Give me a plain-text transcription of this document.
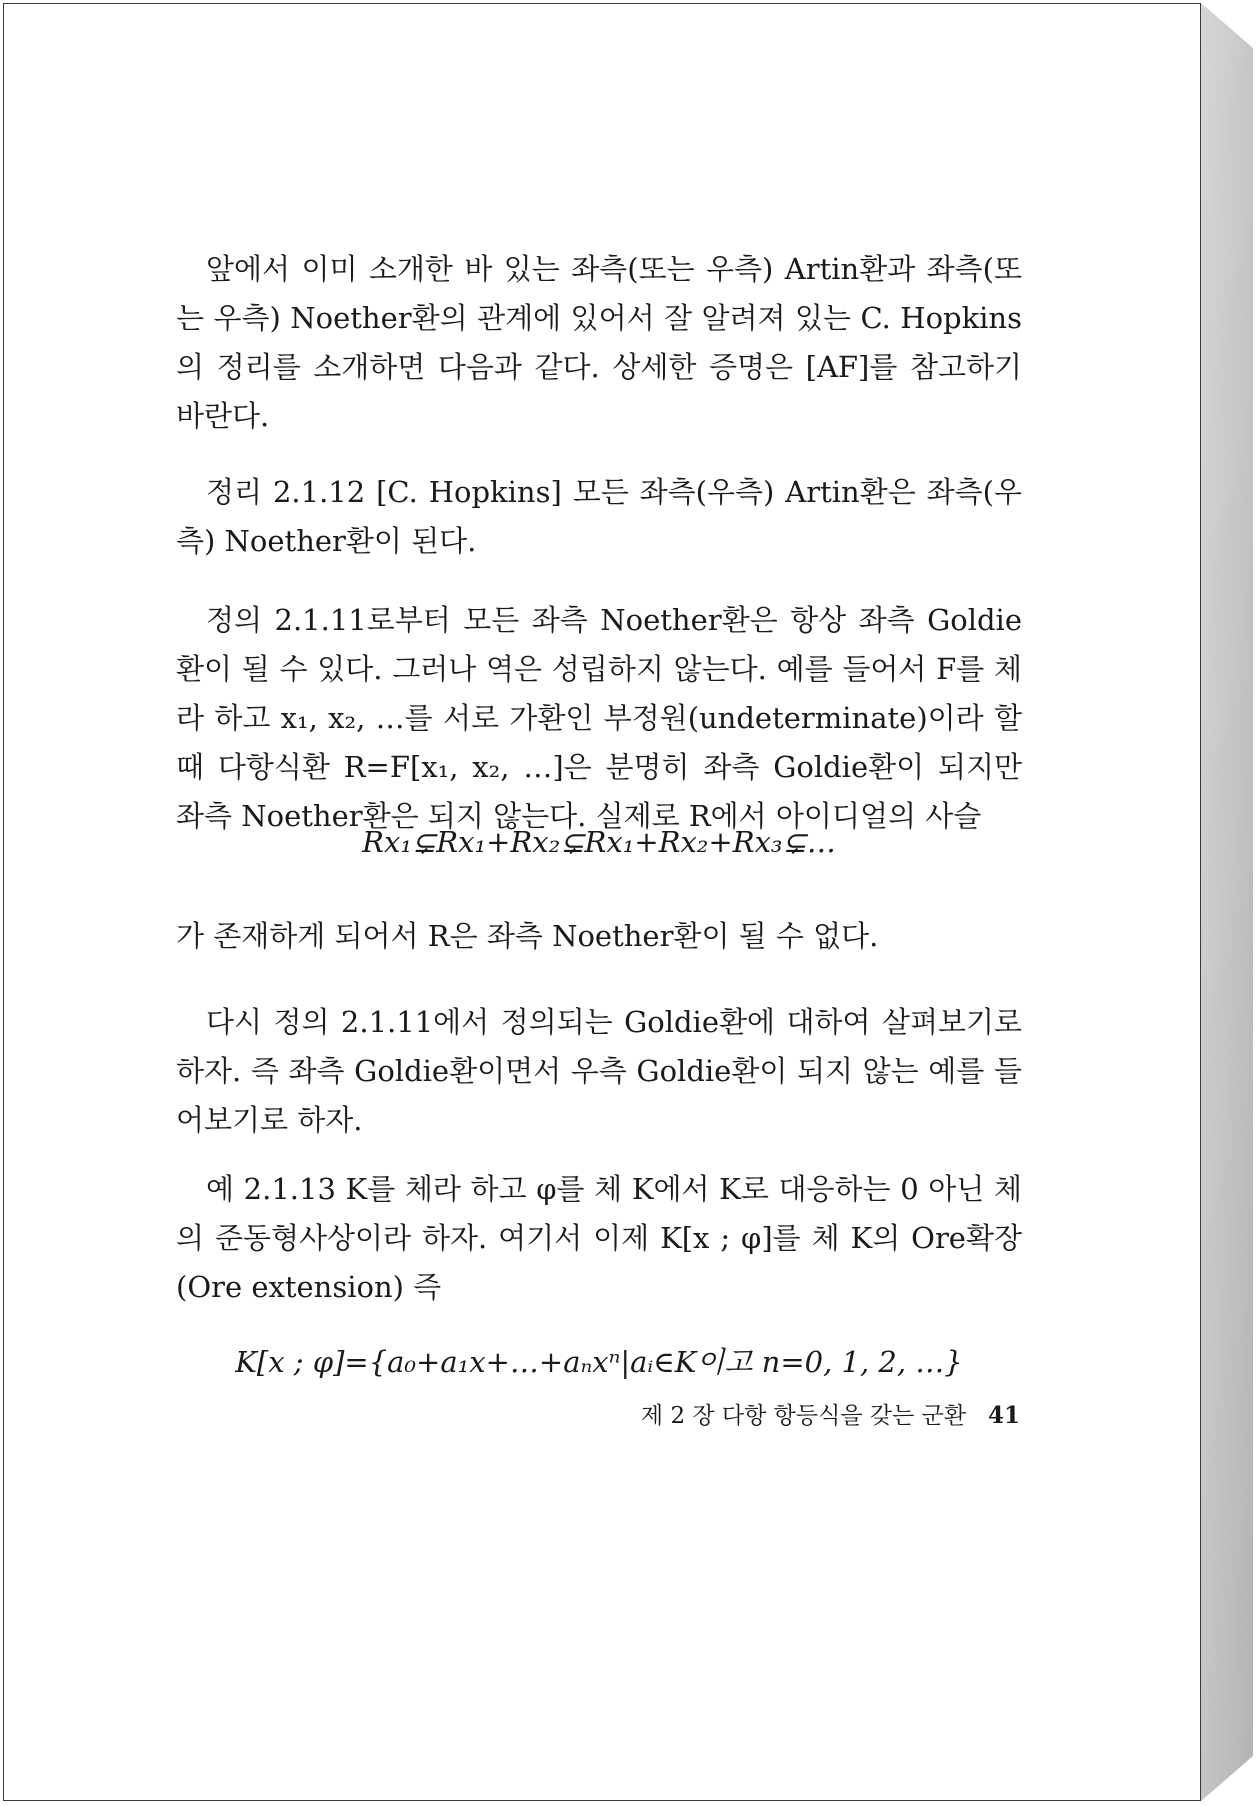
앞에서 이미 소개한 바 있는 좌측(또는 우측) Artin환과 좌측(또는 우측) Noether환의 관계에 있어서 잘 알려져 있는 C. Hopkins의 정리를 소개하면 다음과 같다. 상세한 증명은 [AF]를 참고하기 바란다.

정리 2.1.12 [C. Hopkins] 모든 좌측(우측) Artin환은 좌측(우측) Noether환이 된다.

정의 2.1.11로부터 모든 좌측 Noether환은 항상 좌측 Goldie환이 될 수 있다. 그러나 역은 성립하지 않는다. 예를 들어서 F를 체라 하고 x₁, x₂, …를 서로 가환인 부정원(undeterminate)이라 할 때 다항식환 R=F[x₁, x₂, …]은 분명히 좌측 Goldie환이 되지만 좌측 Noether환은 되지 않는다. 실제로 R에서 아이디얼의 사슬

Rx₁⊊Rx₁+Rx₂⊊Rx₁+Rx₂+Rx₃⊊…

가 존재하게 되어서 R은 좌측 Noether환이 될 수 없다.

다시 정의 2.1.11에서 정의되는 Goldie환에 대하여 살펴보기로 하자. 즉 좌측 Goldie환이면서 우측 Goldie환이 되지 않는 예를 들어보기로 하자.

예 2.1.13 K를 체라 하고 φ를 체 K에서 K로 대응하는 0 아닌 체의 준동형사상이라 하자. 여기서 이제 K[x ; φ]를 체 K의 Ore확장(Ore extension) 즉

K[x ; φ]={a₀+a₁x+…+aₙxⁿ|aᵢ∈K이고 n=0, 1, 2, …}

제 2 장 다항 항등식을 갖는 군환 41
